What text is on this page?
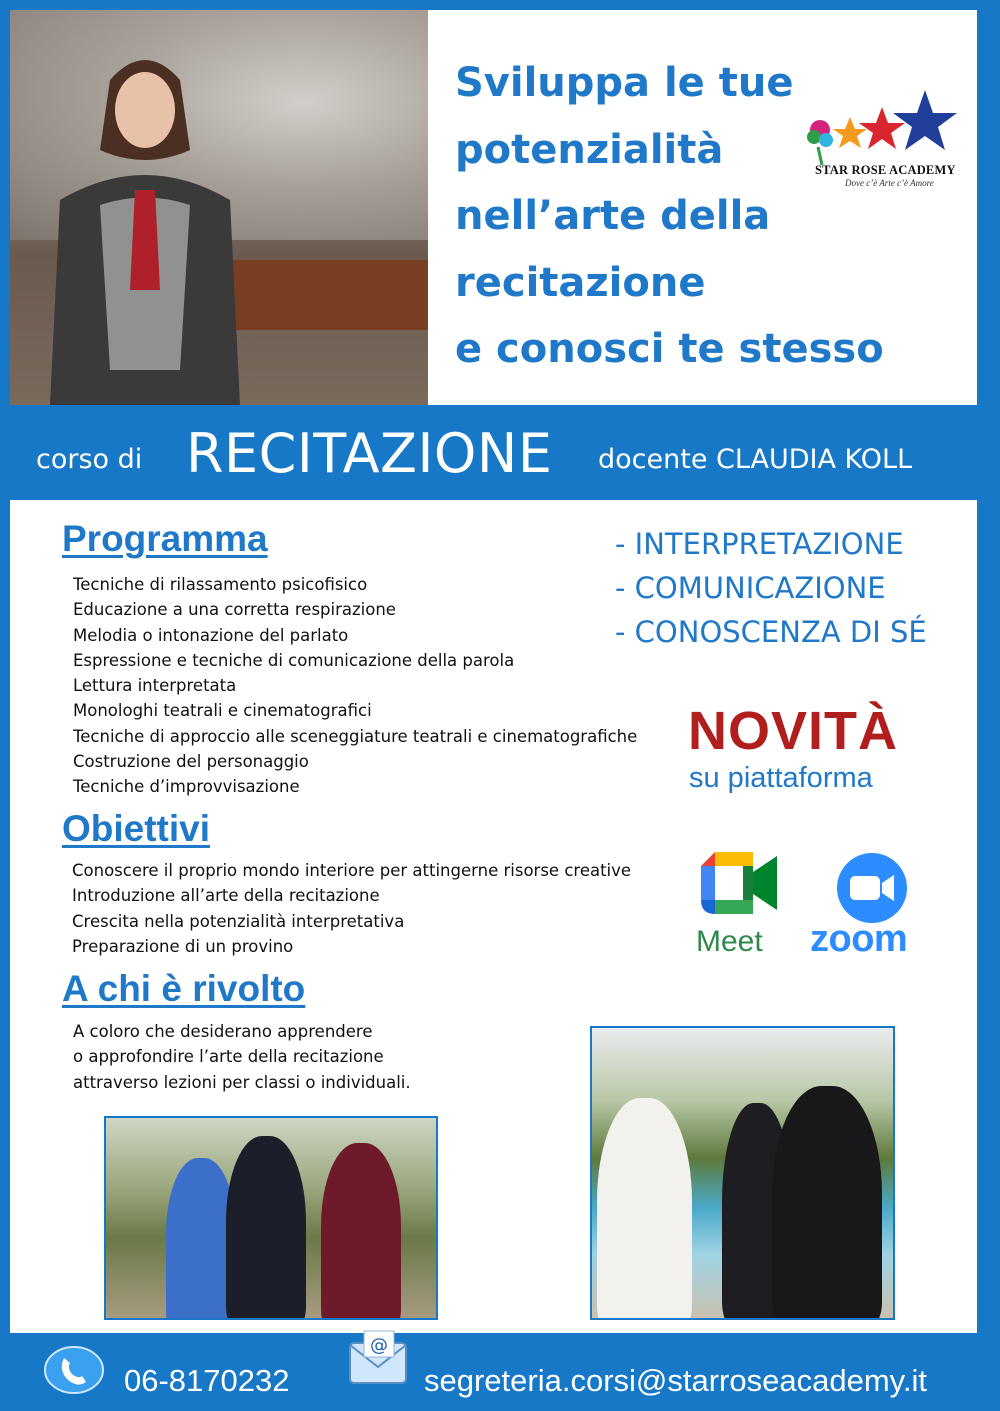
Sviluppa le tue
potenzialità
nell’arte della
recitazione
e conosci te stesso
STAR ROSE ACADEMY
Dove c’è Arte c’è Amore
corso di RECITAZIONE docente CLAUDIA KOLL
Programma
Tecniche di rilassamento psicofisico
Educazione a una corretta respirazione
Melodia o intonazione del parlato
Espressione e tecniche di comunicazione della parola
Lettura interpretata
Monologhi teatrali e cinematografici
Tecniche di approccio alle sceneggiature teatrali e cinematografiche
Costruzione del personaggio
Tecniche d’improvvisazione
- INTERPRETAZIONE
- COMUNICAZIONE
- CONOSCENZA DI SÉ
NOVITÀ
su piattaforma
Meet zoom
Obiettivi
Conoscere il proprio mondo interiore per attingerne risorse creative
Introduzione all’arte della recitazione
Crescita nella potenzialità interpretativa
Preparazione di un provino
A chi è rivolto
A coloro che desiderano apprendere
o approfondire l’arte della recitazione
attraverso lezioni per classi o individuali.
06-8170232
@
segreteria.corsi@starroseacademy.it
